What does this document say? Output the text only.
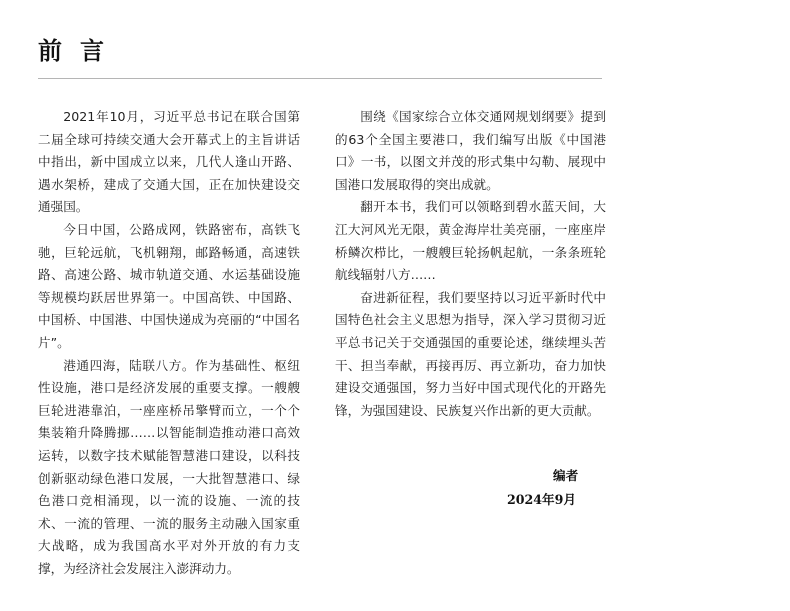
前言

2021年10月，习近平总书记在联合国第二届全球可持续交通大会开幕式上的主旨讲话中指出，新中国成立以来，几代人逢山开路、遇水架桥，建成了交通大国，正在加快建设交通强国。

今日中国，公路成网，铁路密布，高铁飞驰，巨轮远航，飞机翱翔，邮路畅通，高速铁路、高速公路、城市轨道交通、水运基础设施等规模均跃居世界第一。中国高铁、中国路、中国桥、中国港、中国快递成为亮丽的“中国名片”。

港通四海，陆联八方。作为基础性、枢纽性设施，港口是经济发展的重要支撑。一艘艘巨轮进港靠泊，一座座桥吊擎臂而立，一个个集装箱升降腾挪……以智能制造推动港口高效运转，以数字技术赋能智慧港口建设，以科技创新驱动绿色港口发展，一大批智慧港口、绿色港口竞相涌现，以一流的设施、一流的技术、一流的管理、一流的服务主动融入国家重大战略，成为我国高水平对外开放的有力支撑，为经济社会发展注入澎湃动力。

围绕《国家综合立体交通网规划纲要》提到的63个全国主要港口，我们编写出版《中国港口》一书，以图文并茂的形式集中勾勒、展现中国港口发展取得的突出成就。

翻开本书，我们可以领略到碧水蓝天间，大江大河风光无限，黄金海岸壮美亮丽，一座座岸桥鳞次栉比，一艘艘巨轮扬帆起航，一条条班轮航线辐射八方……

奋进新征程，我们要坚持以习近平新时代中国特色社会主义思想为指导，深入学习贯彻习近平总书记关于交通强国的重要论述，继续埋头苦干、担当奉献，再接再厉、再立新功，奋力加快建设交通强国，努力当好中国式现代化的开路先锋，为强国建设、民族复兴作出新的更大贡献。

编者
2024年9月
